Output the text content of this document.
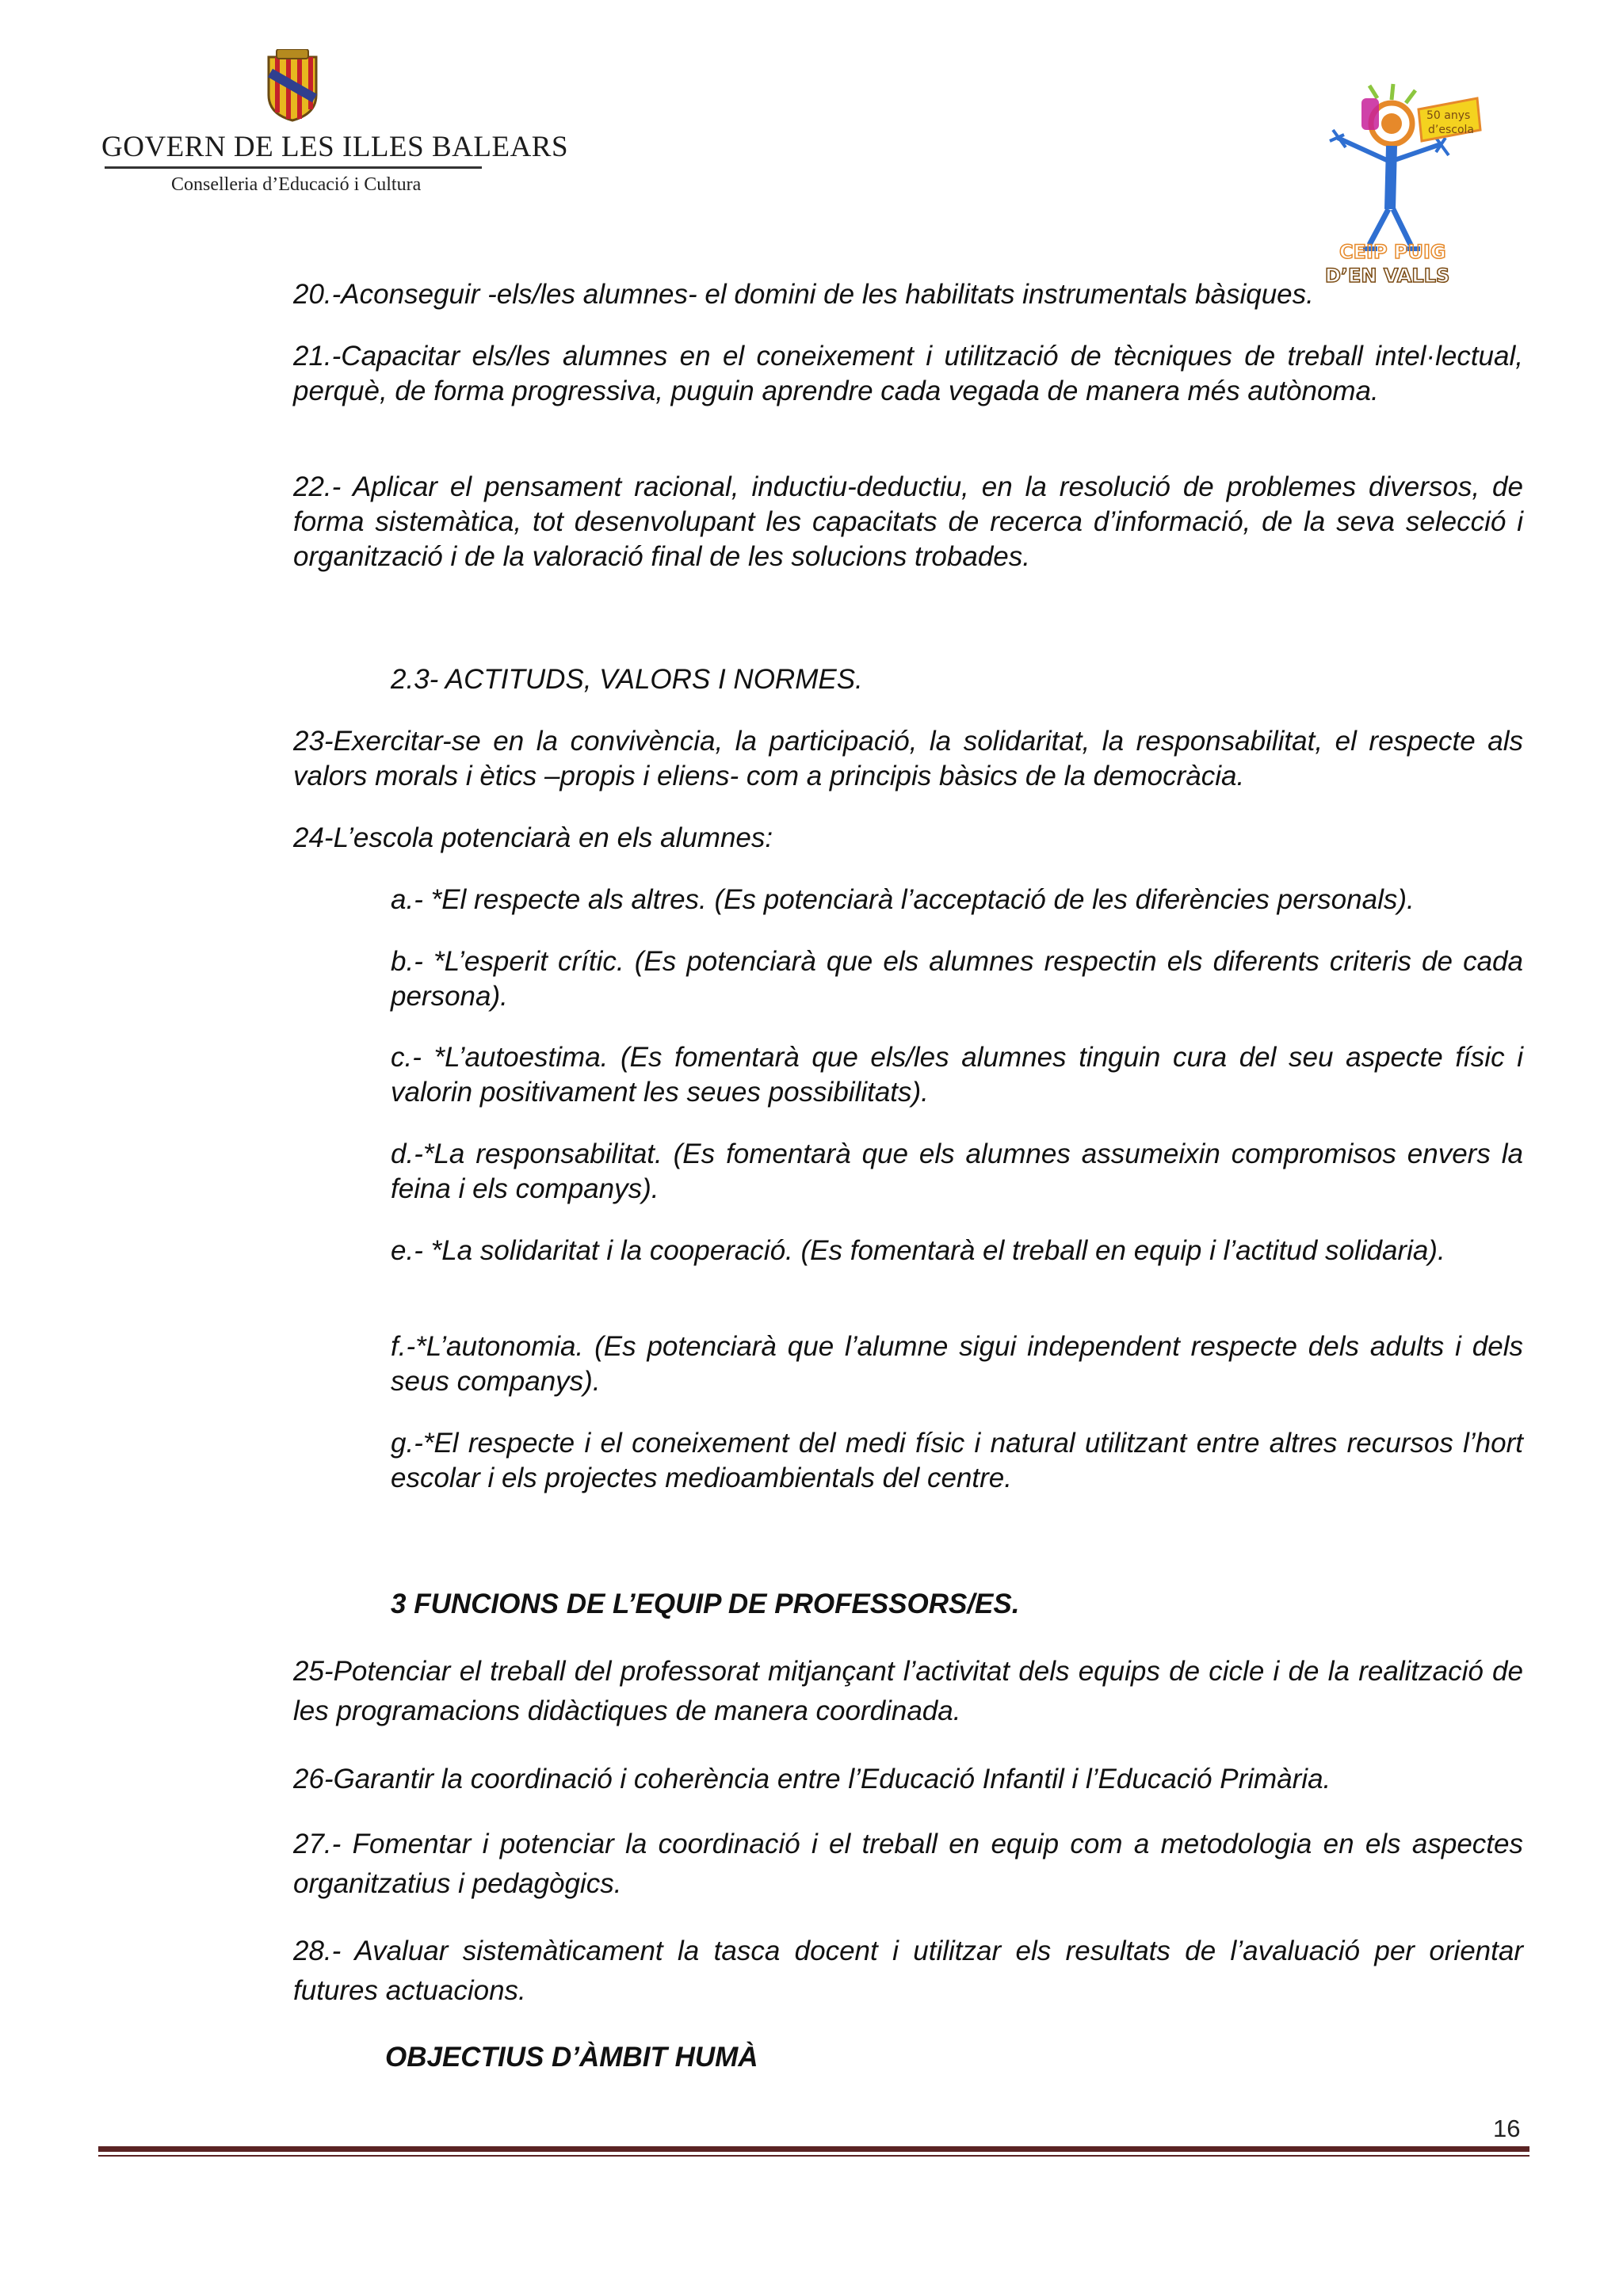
GOVERN DE LES ILLES BALEARS
Conselleria d’Educació i Cultura
50 anys
d’escola
CEIP PUIG
D’EN VALLS

20.-Aconseguir -els/les alumnes- el domini de les habilitats instrumentals bàsiques.

21.-Capacitar els/les alumnes en el coneixement i utilització de tècniques de treball intel·lectual, perquè, de forma progressiva, puguin aprendre cada vegada de manera més autònoma.

22.- Aplicar el pensament racional, inductiu-deductiu, en la resolució de problemes diversos, de forma sistemàtica, tot desenvolupant les capacitats de recerca d’informació, de la seva selecció i organització i de la valoració final de les solucions trobades.

2.3- ACTITUDS, VALORS I NORMES.

23-Exercitar-se en la convivència, la participació, la solidaritat, la responsabilitat, el respecte als valors morals i ètics –propis i eliens- com a principis bàsics de la democràcia.

24-L’escola potenciarà en els alumnes:

a.- *El respecte als altres. (Es potenciarà l’acceptació de les diferències personals).

b.- *L’esperit crític. (Es potenciarà que els alumnes respectin els diferents criteris de cada persona).

c.- *L’autoestima. (Es fomentarà que els/les alumnes tinguin cura del seu aspecte físic i valorin positivament les seues possibilitats).

d.-*La responsabilitat. (Es fomentarà que els alumnes assumeixin compromisos envers la feina i els companys).

e.- *La solidaritat i la cooperació. (Es fomentarà el treball en equip i l’actitud solidaria).

f.-*L’autonomia. (Es potenciarà que l’alumne sigui independent respecte dels adults i dels seus companys).

g.-*El respecte i el coneixement del medi físic i natural utilitzant entre altres recursos l’hort escolar i els projectes medioambientals del centre.

3 FUNCIONS DE L’EQUIP DE PROFESSORS/ES.

25-Potenciar el treball del professorat mitjançant l’activitat dels equips de cicle i de la realització de les programacions didàctiques de manera coordinada.

26-Garantir la coordinació i coherència entre l’Educació Infantil i l’Educació Primària.

27.- Fomentar i potenciar la coordinació i el treball en equip com a metodologia en els aspectes organitzatius i pedagògics.

28.- Avaluar sistemàticament la tasca docent i utilitzar els resultats de l’avaluació per orientar futures actuacions.

OBJECTIUS D’ÀMBIT HUMÀ

16
